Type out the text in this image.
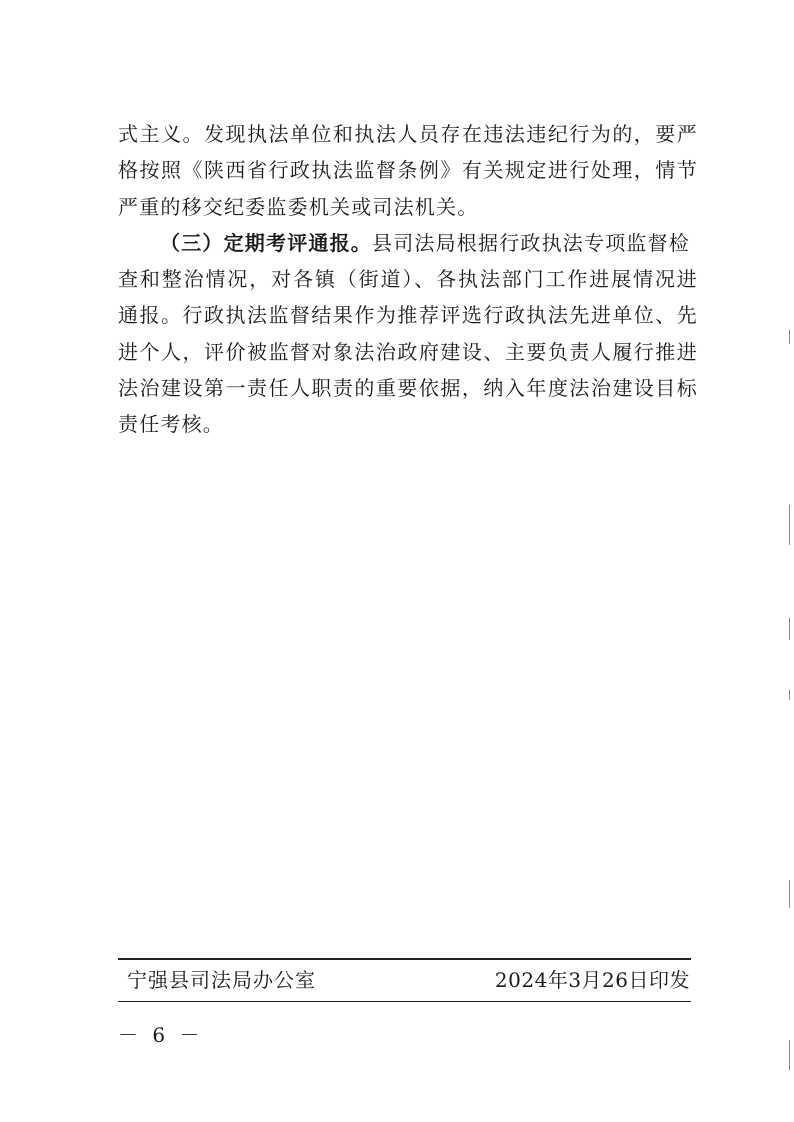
式主义。发现执法单位和执法人员存在违法违纪行为的，要严
格按照《陕西省行政执法监督条例》有关规定进行处理，情节
严重的移交纪委监委机关或司法机关。
（三）定期考评通报。县司法局根据行政执法专项监督检
查和整治情况，对各镇（街道）、各执法部门工作进展情况进
通报。行政执法监督结果作为推荐评选行政执法先进单位、先
进个人，评价被监督对象法治政府建设、主要负责人履行推进
法治建设第一责任人职责的重要依据，纳入年度法治建设目标
责任考核。
宁强县司法局办公室	2024年3月26日印发
－ 6 －
